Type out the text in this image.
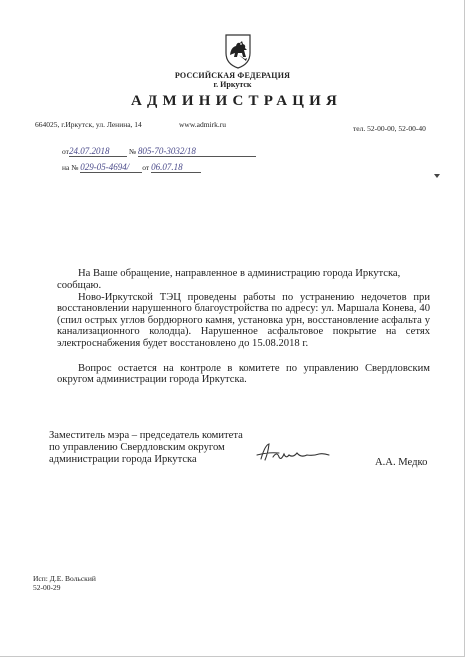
РОССИЙСКАЯ ФЕДЕРАЦИЯ
г. Иркутск
АДМИНИСТРАЦИЯ
664025, г.Иркутск, ул. Ленина, 14	www.admirk.ru	тел. 52-00-00, 52-00-40
от24.07.2018	№ 805-70-3032/18
на № 029-05-4694/ от 06.07.18
На Ваше обращение, направленное в администрацию города Иркутска,
сообщаю.
Ново-Иркутской ТЭЦ проведены работы по устранению недочетов при восстановлении нарушенного благоустройства по адресу: ул. Маршала Конева, 40 (спил острых углов бордюрного камня, установка урн, восстановление асфальта у канализационного колодца). Нарушенное асфальтовое покрытие на сетях электроснабжения будет восстановлено до 15.08.2018 г.
Вопрос остается на контроле в комитете по управлению Свердловским округом администрации города Иркутска.
Заместитель мэра – председатель комитета
по управлению Свердловским округом
администрации города Иркутска	А.А. Медко
Исп: Д.Е. Вольский
52-00-29
